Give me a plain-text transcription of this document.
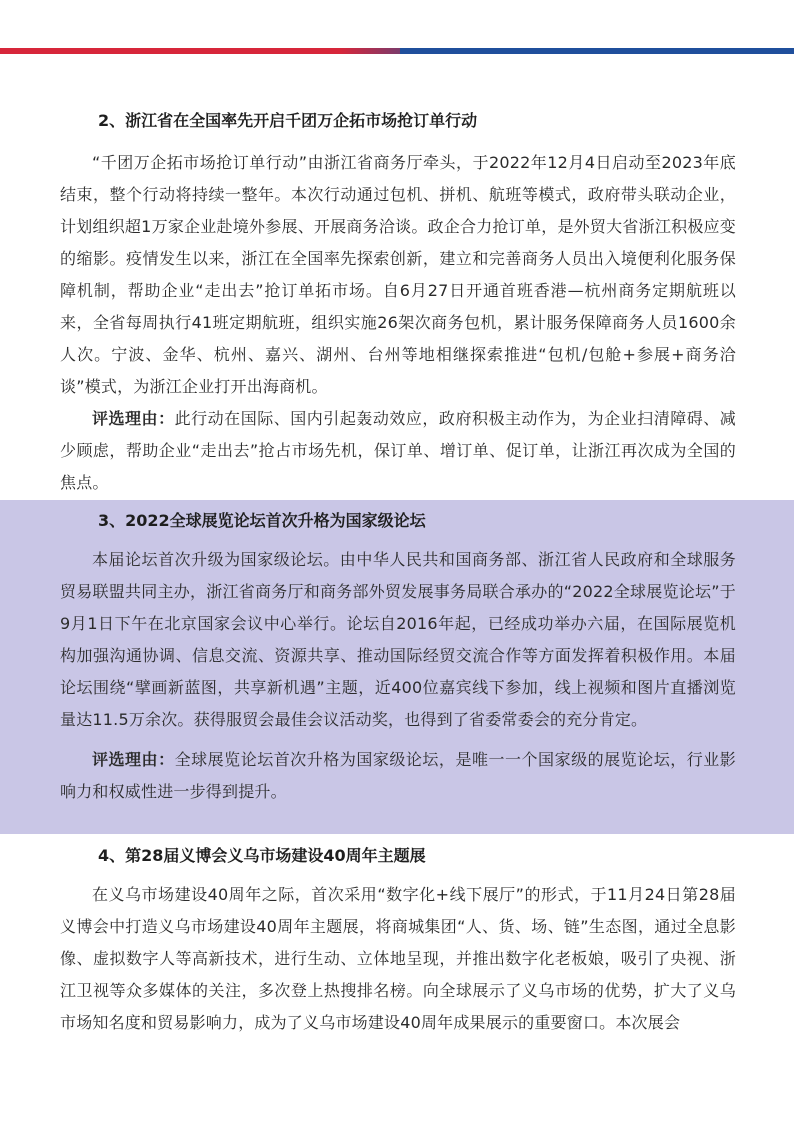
2、浙江省在全国率先开启千团万企拓市场抢订单行动

“千团万企拓市场抢订单行动”由浙江省商务厅牵头，于2022年12月4日启动至2023年底结束，整个行动将持续一整年。本次行动通过包机、拼机、航班等模式，政府带头联动企业，计划组织超1万家企业赴境外参展、开展商务洽谈。政企合力抢订单，是外贸大省浙江积极应变的缩影。疫情发生以来，浙江在全国率先探索创新，建立和完善商务人员出入境便利化服务保障机制，帮助企业“走出去”抢订单拓市场。自6月27日开通首班香港—杭州商务定期航班以来，全省每周执行41班定期航班，组织实施26架次商务包机，累计服务保障商务人员1600余人次。宁波、金华、杭州、嘉兴、湖州、台州等地相继探索推进“包机/包舱+参展+商务洽谈”模式，为浙江企业打开出海商机。

评选理由：此行动在国际、国内引起轰动效应，政府积极主动作为，为企业扫清障碍、减少顾虑，帮助企业“走出去”抢占市场先机，保订单、增订单、促订单，让浙江再次成为全国的焦点。

3、2022全球展览论坛首次升格为国家级论坛

本届论坛首次升级为国家级论坛。由中华人民共和国商务部、浙江省人民政府和全球服务贸易联盟共同主办，浙江省商务厅和商务部外贸发展事务局联合承办的“2022全球展览论坛”于9月1日下午在北京国家会议中心举行。论坛自2016年起，已经成功举办六届，在国际展览机构加强沟通协调、信息交流、资源共享、推动国际经贸交流合作等方面发挥着积极作用。本届论坛围绕“擘画新蓝图，共享新机遇”主题，近400位嘉宾线下参加，线上视频和图片直播浏览量达11.5万余次。获得服贸会最佳会议活动奖，也得到了省委常委会的充分肯定。

评选理由：全球展览论坛首次升格为国家级论坛，是唯一一个国家级的展览论坛，行业影响力和权威性进一步得到提升。

4、第28届义博会义乌市场建设40周年主题展

在义乌市场建设40周年之际，首次采用“数字化+线下展厅”的形式，于11月24日第28届义博会中打造义乌市场建设40周年主题展，将商城集团“人、货、场、链”生态图，通过全息影像、虚拟数字人等高新技术，进行生动、立体地呈现，并推出数字化老板娘，吸引了央视、浙江卫视等众多媒体的关注，多次登上热搜排名榜。向全球展示了义乌市场的优势，扩大了义乌市场知名度和贸易影响力，成为了义乌市场建设40周年成果展示的重要窗口。本次展会
